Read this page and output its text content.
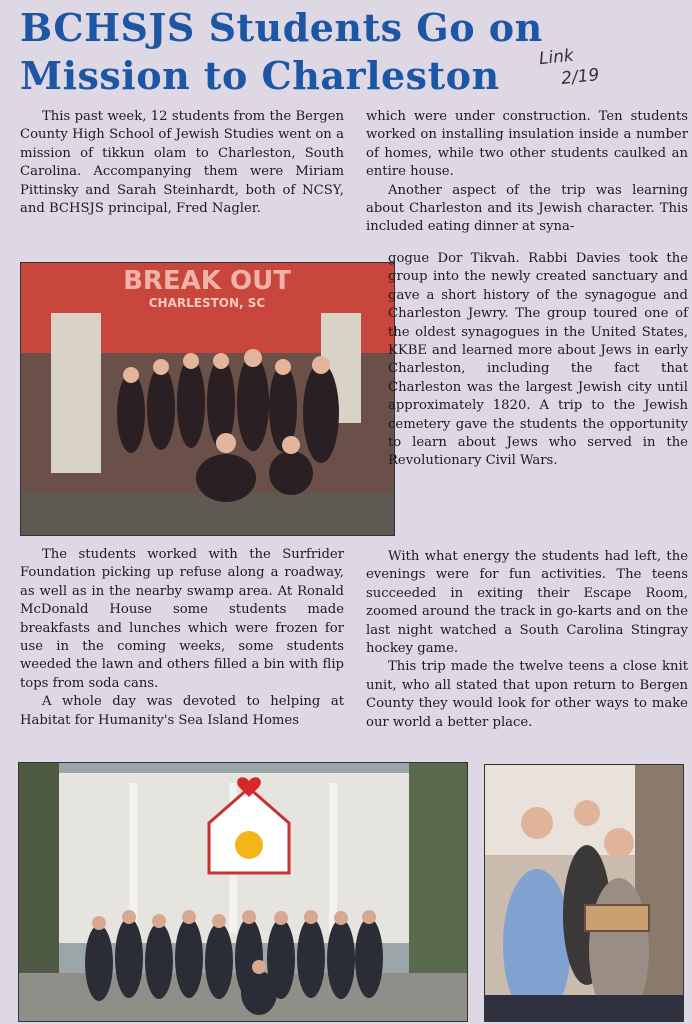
BCHSJS Students Go on
Mission to Charleston	Link
2/19

This past week, 12 students from the Bergen County High School of Jewish Studies went on a mission of tikkun olam to Charleston, South Carolina. Accompanying them were Miriam Pittinsky and Sarah Steinhardt, both of NCSY, and BCHSJS principal, Fred Nagler.

BREAK OUT
CHARLESTON, SC

The students worked with the Surfrider Foundation picking up refuse along a roadway, as well as in the nearby swamp area. At Ronald McDonald House some students made breakfasts and lunches which were frozen for use in the coming weeks, some students weeded the lawn and others filled a bin with flip tops from soda cans.

A whole day was devoted to helping at Habitat for Humanity's Sea Island Homes

which were under construction. Ten students worked on installing insulation inside a number of homes, while two other students caulked an entire house.

Another aspect of the trip was learning about Charleston and its Jewish character. This included eating dinner at syna-

gogue Dor Tikvah. Rabbi Davies took the group into the newly created sanctuary and gave a short history of the synagogue and Charleston Jewry. The group toured one of the oldest synagogues in the United States, KKBE and learned more about Jews in early Charleston, including the fact that Charleston was the largest Jewish city until approximately 1820. A trip to the Jewish cemetery gave the students the opportunity to learn about Jews who served in the Revolutionary Civil Wars.

With what energy the students had left, the evenings were for fun activities. The teens succeeded in exiting their Escape Room, zoomed around the track in go-karts and on the last night watched a South Carolina Stingray hockey game.

This trip made the twelve teens a close knit unit, who all stated that upon return to Bergen County they would look for other ways to make our world a better place.
